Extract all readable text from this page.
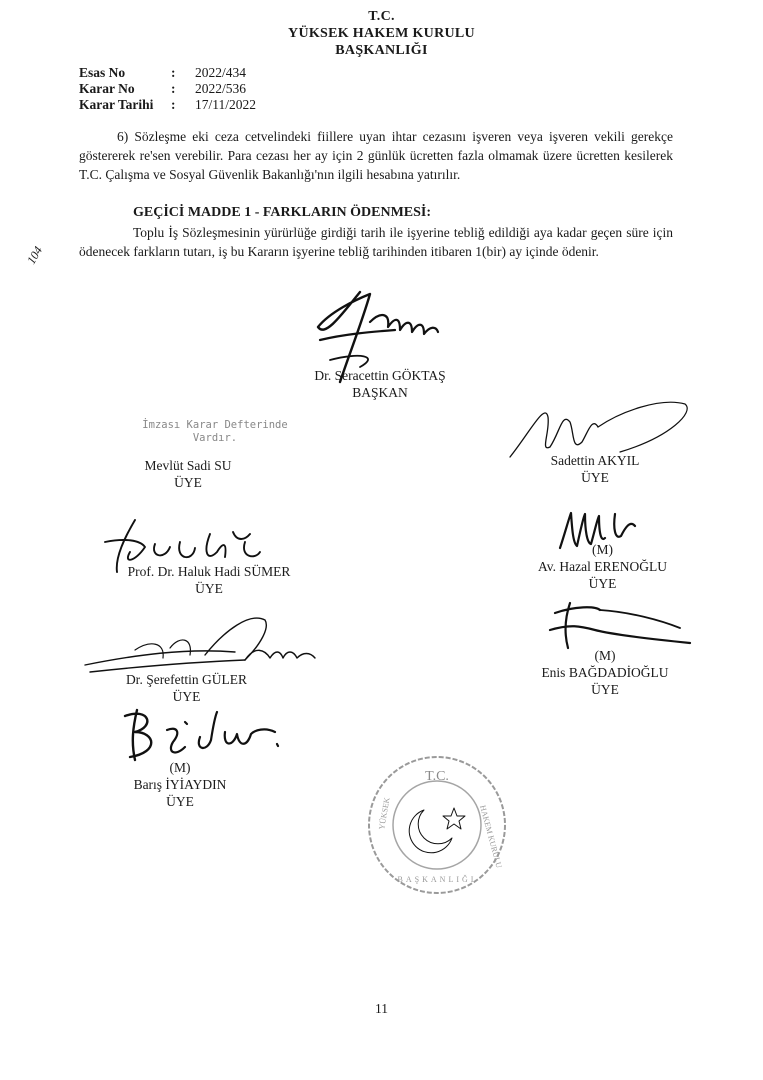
T.C.
YÜKSEK HAKEM KURULU
BAŞKANLIĞI
Esas No	: 2022/434
Karar No	: 2022/536
Karar Tarihi : 17/11/2022
6) Sözleşme eki ceza cetvelindeki fiillere uyan ihtar cezasını işveren veya işveren vekili gerekçe göstererek re'sen verebilir. Para cezası her ay için 2 günlük ücretten fazla olmamak üzere ücretten kesilerek T.C. Çalışma ve Sosyal Güvenlik Bakanlığı'nın ilgili hesabına yatırılır.
GEÇİCİ MADDE 1 - FARKLARIN ÖDENMESİ:
Toplu İş Sözleşmesinin yürürlüğe girdiği tarih ile işyerine tebliğ edildiği aya kadar geçen süre için ödenecek farkların tutarı, iş bu Kararın işyerine tebliğ tarihinden itibaren 1(bir) ay içinde ödenir.
104
Dr. Seracettin GÖKTAŞ
BAŞKAN
İmzası Karar Defterinde Vardır.
Mevlüt Sadi SU
ÜYE
Sadettin AKYIL
ÜYE
Prof. Dr. Haluk Hadi SÜMER
ÜYE
(M)
Av. Hazal ERENOĞLU
ÜYE
Dr. Şerefettin GÜLER
ÜYE
(M)
Enis BAĞDADİOĞLU
ÜYE
(M)
Barış İYİAYDIN
ÜYE
T.C.
YÜKSEK	HAKEM KURULU
BAŞKANLIĞI
11
